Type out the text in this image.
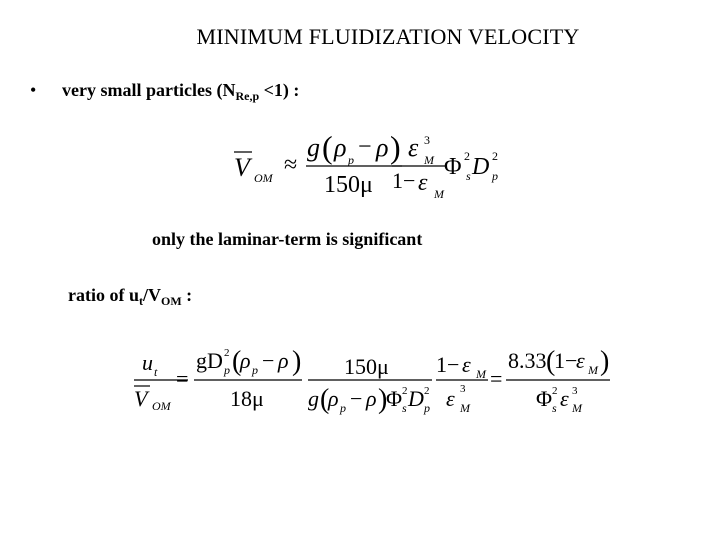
MINIMUM FLUIDIZATION VELOCITY
• very small particles $(N_{Re,p} <1)$ :
V OM ≈
g ( ρ p − ρ )
150μ
ε 3
M
1− ε M
Φ 2
s D 2
p
only the laminar-term is significant
ratio of $u_t/V_{OM}$ :
u t
V OM
=
gD 2
p (
ρ p − ρ )
18μ
150μ
g (
ρ p − ρ )
Φ 2
s D 2
p
1− ε M
ε 3
M
=
8.33 (
1−
ε M )
Φ 2
s ε 3
M
